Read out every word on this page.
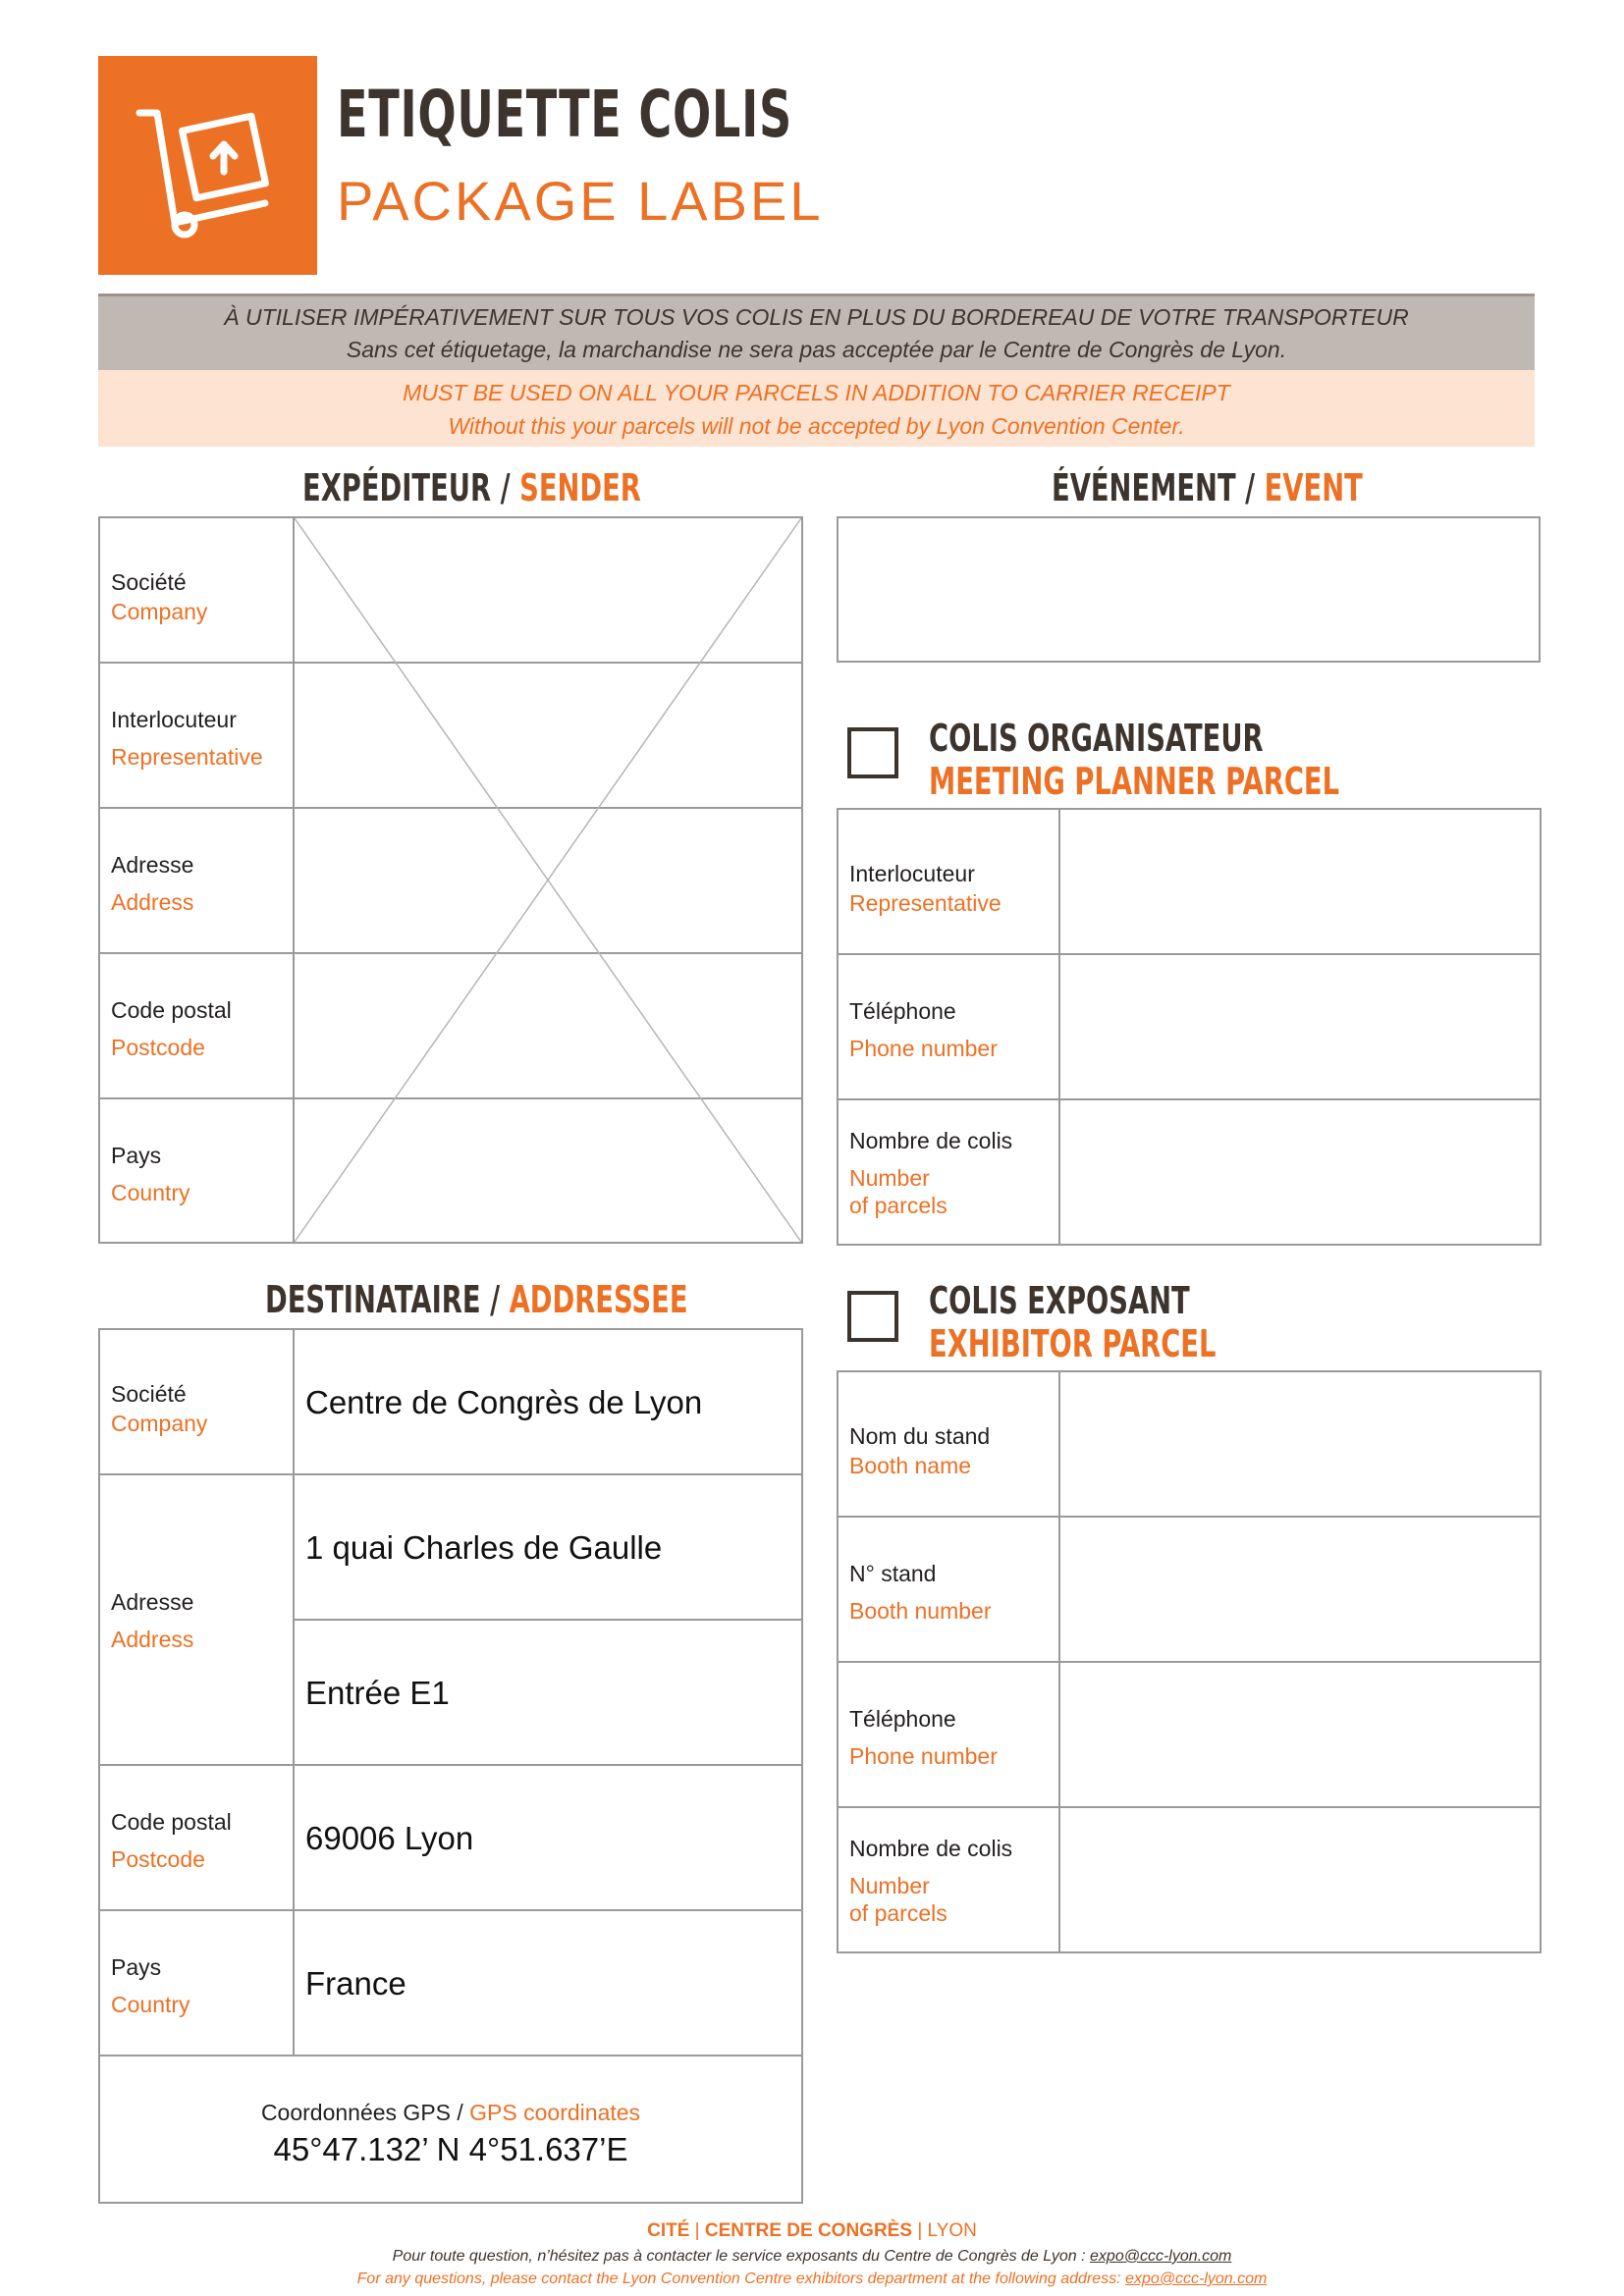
ETIQUETTE COLIS
PACKAGE LABEL
À UTILISER IMPÉRATIVEMENT SUR TOUS VOS COLIS EN PLUS DU BORDEREAU DE VOTRE TRANSPORTEUR
Sans cet étiquetage, la marchandise ne sera pas acceptée par le Centre de Congrès de Lyon.
MUST BE USED ON ALL YOUR PARCELS IN ADDITION TO CARRIER RECEIPT
Without this your parcels will not be accepted by Lyon Convention Center.
EXPÉDITEUR / SENDER
Société
Company
Interlocuteur
Representative
Adresse
Address
Code postal
Postcode
Pays
Country
ÉVÉNEMENT / EVENT
COLIS ORGANISATEUR
MEETING PLANNER PARCEL
Interlocuteur
Representative
Téléphone
Phone number
Nombre de colis
Number
of parcels
DESTINATAIRE / ADDRESSEE
Société
Company
Centre de Congrès de Lyon
Adresse
Address
1 quai Charles de Gaulle
Entrée E1
Code postal
Postcode
69006 Lyon
Pays
Country
France
Coordonnées GPS / GPS coordinates
45°47.132’ N 4°51.637’E
COLIS EXPOSANT
EXHIBITOR PARCEL
Nom du stand
Booth name
N° stand
Booth number
Téléphone
Phone number
Nombre de colis
Number
of parcels
CITÉ | CENTRE DE CONGRÈS | LYON
Pour toute question, n’hésitez pas à contacter le service exposants du Centre de Congrès de Lyon : expo@ccc-lyon.com
For any questions, please contact the Lyon Convention Centre exhibitors department at the following address: expo@ccc-lyon.com
